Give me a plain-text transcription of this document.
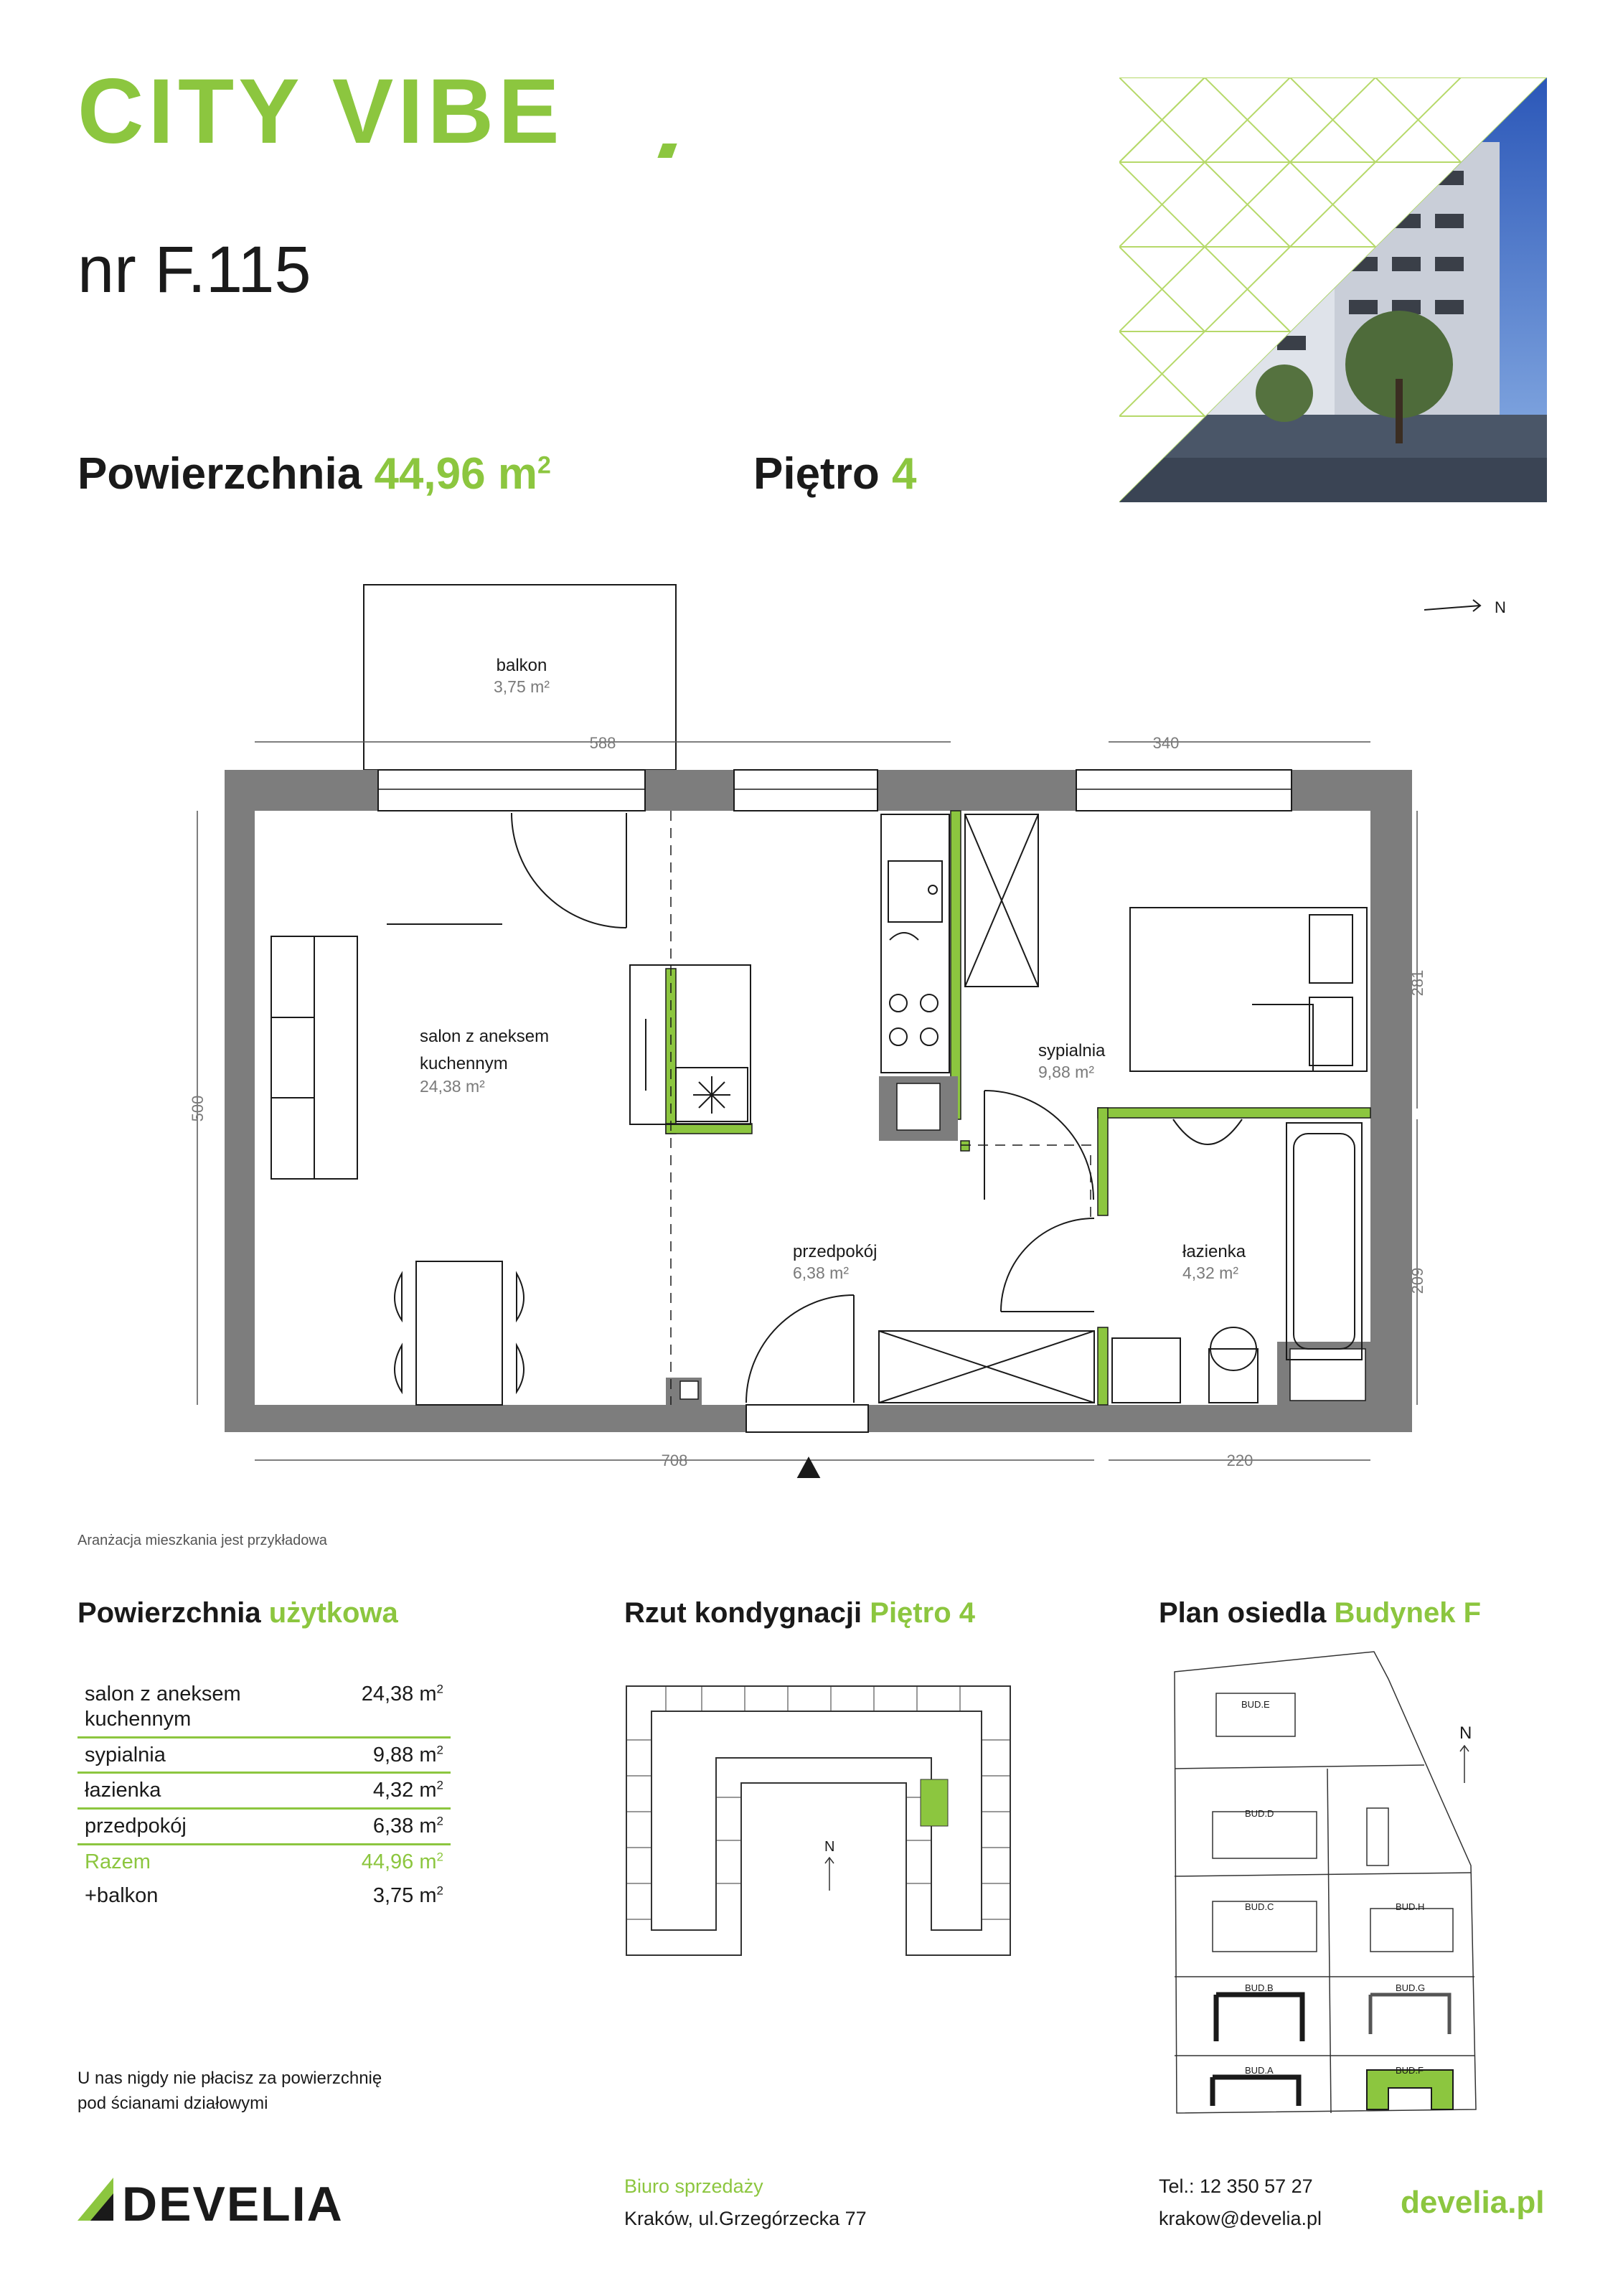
CITY VIBE
nr F.115
Powierzchnia 44,96 $m^2$	Piętro 4
N
588	340
708	220
500
281
209
balkon
3,75 m²
salon z aneksem
kuchennym
24,38 m²
sypialnia
9,88 m²
przedpokój
6,38 m²
łazienka
4,32 m²
Aranżacja mieszkania jest przykładowa
Powierzchnia użytkowa	Rzut kondygnacji Piętro 4	Plan osiedla Budynek F
salon z aneksem
kuchennym
24,38 $m^2$
sypialnia	9,88 $m^2$
łazienka	4,32 $m^2$
przedpokój	6,38 $m^2$
Razem	44,96 $m^2$
+balkon	3,75 $m^2$
N
BUD.E
BUD.D
BUD.C	BUD.H
BUD.B	BUD.G
BUD.A	BUD.F
N
U nas nigdy nie płacisz za powierzchnię
pod ścianami działowymi
DEVELIA	Biuro sprzedaży
Kraków, ul.Grzegórzecka 77
Tel.: 12 350 57 27
krakow@develia.pl develia.pl
